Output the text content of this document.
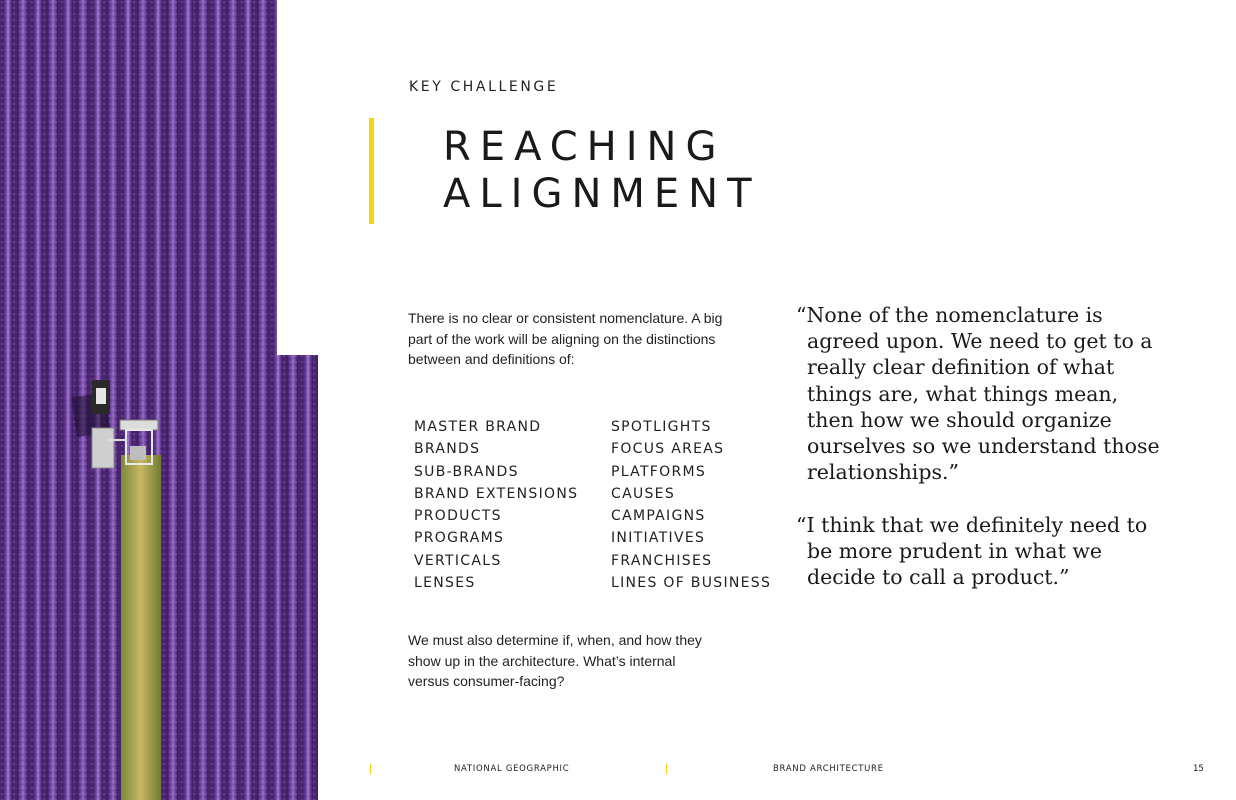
KEY CHALLENGE
REACHING
ALIGNMENT

There is no clear or consistent nomenclature. A big part of the work will be aligning on the distinctions between and definitions of:

MASTER BRAND
BRANDS
SUB-BRANDS
BRAND EXTENSIONS
PRODUCTS
PROGRAMS
VERTICALS
LENSES
SPOTLIGHTS
FOCUS AREAS
PLATFORMS
CAUSES
CAMPAIGNS
INITIATIVES
FRANCHISES
LINES OF BUSINESS

We must also determine if, when, and how they show up in the architecture. What’s internal versus consumer-facing?

“None of the nomenclature is agreed upon. We need to get to a really clear definition of what things are, what things mean, then how we should organize ourselves so we understand those relationships.”
“I think that we definitely need to be more prudent in what we decide to call a product.”
NATIONAL GEOGRAPHIC	BRAND ARCHITECTURE	15
